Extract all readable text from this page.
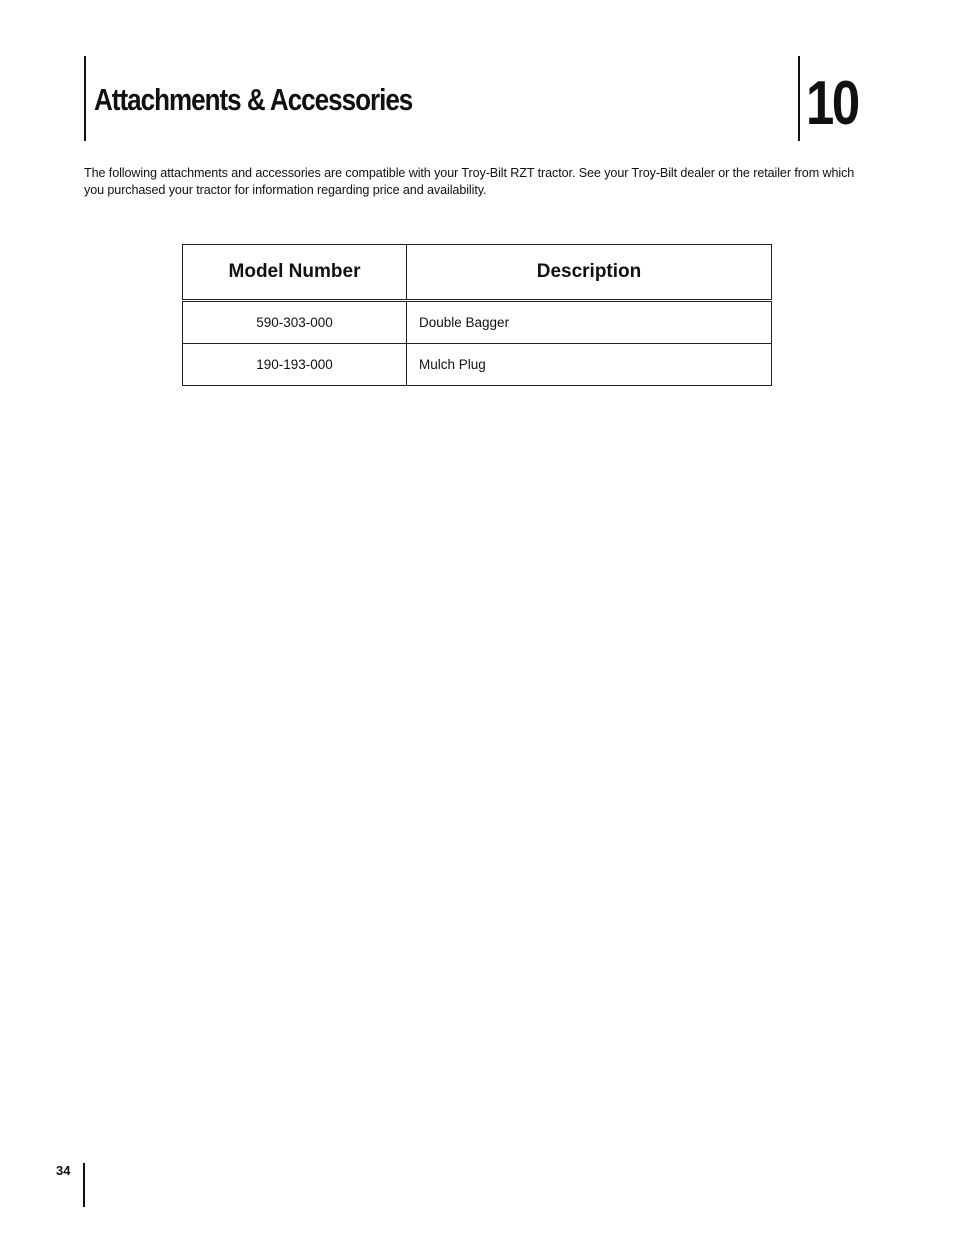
Attachments & Accessories	10

The following attachments and accessories are compatible with your Troy-Bilt RZT tractor. See your Troy-Bilt dealer or the retailer from which you purchased your tractor for information regarding price and availability.

Model Number	Description
590-303-000	Double Bagger
190-193-000	Mulch Plug
34
